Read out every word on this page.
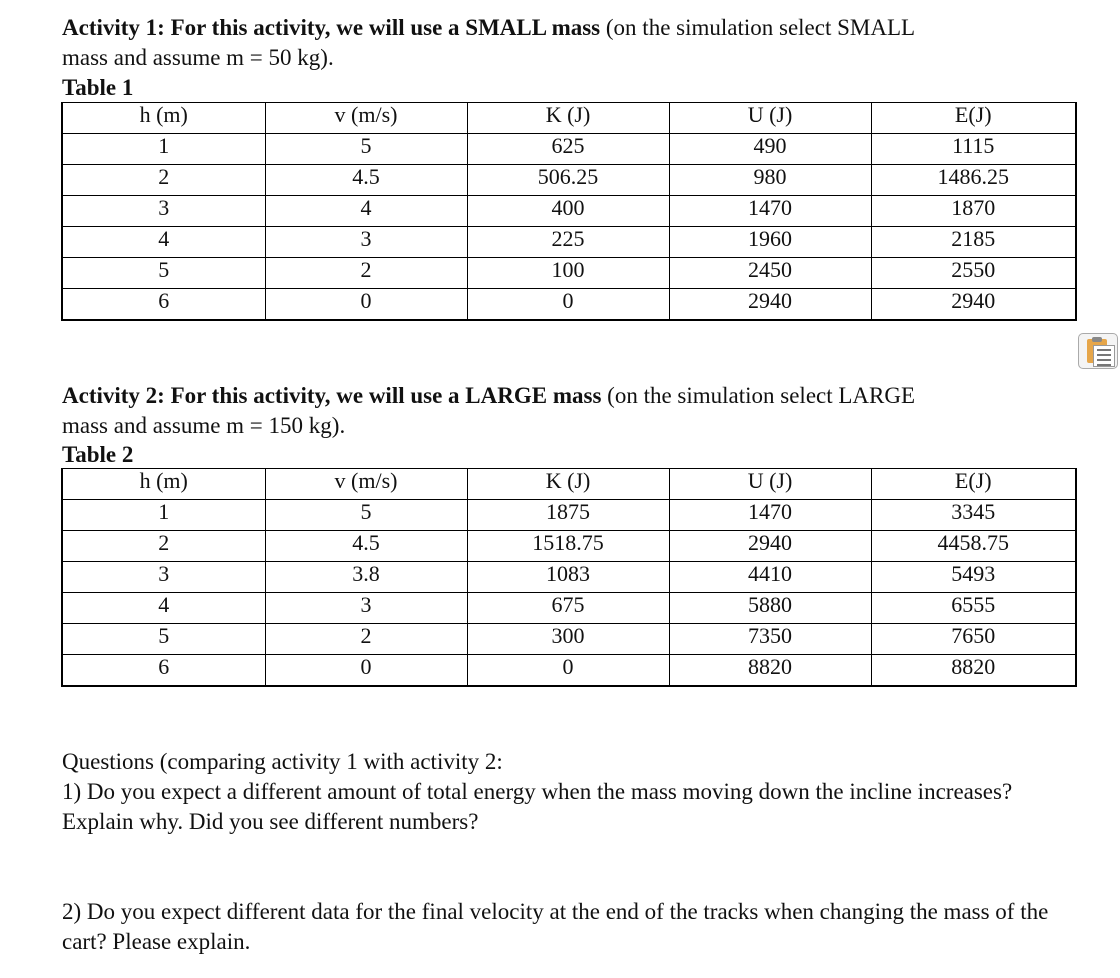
Activity 1: For this activity, we will use a SMALL mass (on the simulation select SMALL
mass and assume m = 50 kg).
Table 1
h (m)	v (m/s)	K (J)	U (J)	E(J)
1	5	625	490	1115
2	4.5	506.25	980	1486.25
3	4	400	1470	1870
4	3	225	1960	2185
5	2	100	2450	2550
6	0	0	2940	2940
Activity 2: For this activity, we will use a LARGE mass (on the simulation select LARGE
mass and assume m = 150 kg).
Table 2
h (m)	v (m/s)	K (J)	U (J)	E(J)
1	5	1875	1470	3345
2	4.5	1518.75	2940	4458.75
3	3.8	1083	4410	5493
4	3	675	5880	6555
5	2	300	7350	7650
6	0	0	8820	8820
Questions (comparing activity 1 with activity 2:
1) Do you expect a different amount of total energy when the mass moving down the incline increases? Explain why. Did you see different numbers?
2) Do you expect different data for the final velocity at the end of the tracks when changing the mass of the cart? Please explain.
